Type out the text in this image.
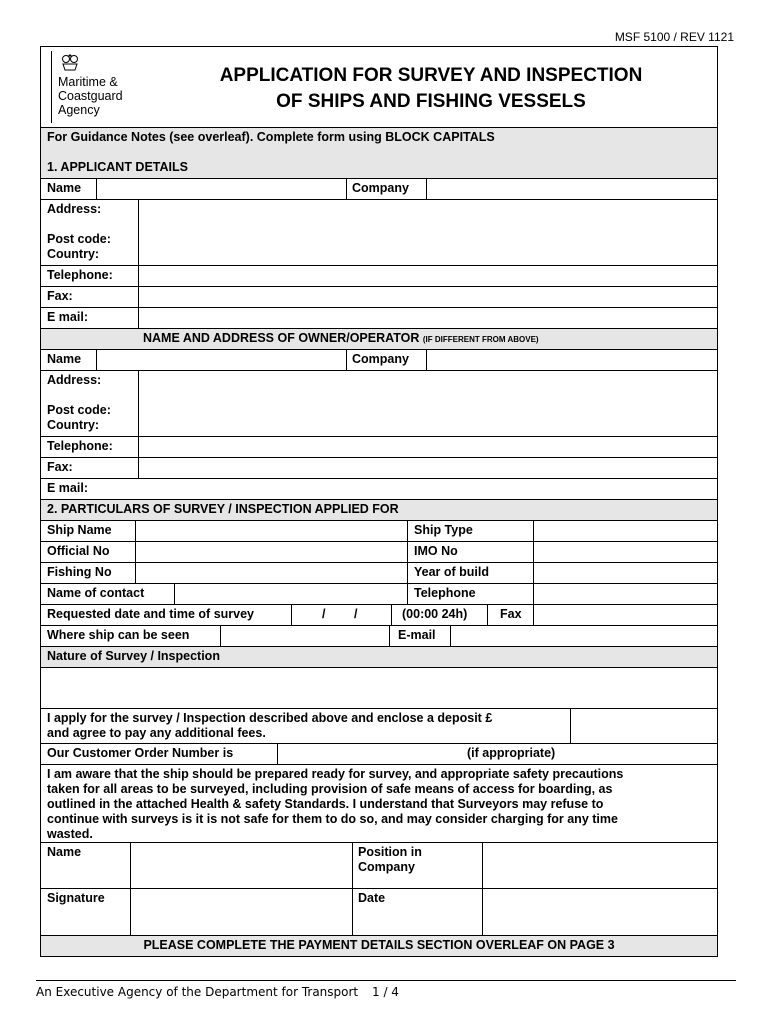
MSF 5100 / REV 1121
Maritime &
Coastguard
Agency
APPLICATION FOR SURVEY AND INSPECTION
OF SHIPS AND FISHING VESSELS
For Guidance Notes (see overleaf). Complete form using BLOCK CAPITALS
1. APPLICANT DETAILS
Name	Company
Address:
Post code:
Country:
Telephone:
Fax:
E mail:
NAME AND ADDRESS OF OWNER/OPERATOR (IF DIFFERENT FROM ABOVE)
Name	Company
Address:
Post code:
Country:
Telephone:
Fax:
E mail:
2. PARTICULARS OF SURVEY / INSPECTION APPLIED FOR
Ship Name	Ship Type
Official No	IMO No
Fishing No	Year of build
Name of contact	Telephone
Requested date and time of survey	/ /	(00:00 24h)	Fax
Where ship can be seen	E-mail
Nature of Survey / Inspection
I apply for the survey / Inspection described above and enclose a deposit £
and agree to pay any additional fees.
Our Customer Order Number is	(if appropriate)
I am aware that the ship should be prepared ready for survey, and appropriate safety precautions
taken for all areas to be surveyed, including provision of safe means of access for boarding, as
outlined in the attached Health & safety Standards. I understand that Surveyors may refuse to
continue with surveys is it is not safe for them to do so, and may consider charging for any time
wasted.
Name	Position in
Company
Signature	Date
PLEASE COMPLETE THE PAYMENT DETAILS SECTION OVERLEAF ON PAGE 3
An Executive Agency of the Department for Transport 1 / 4
